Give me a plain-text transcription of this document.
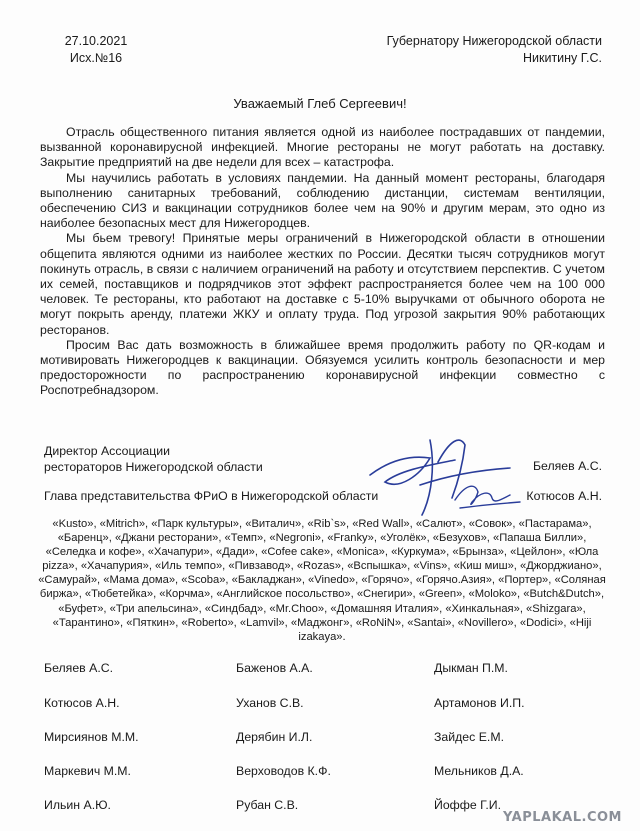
27.10.2021
Исх.№16
Губернатору Нижегородской области
Никитину Г.С.
Уважаемый Глеб Сергеевич!

Отрасль общественного питания является одной из наиболее пострадавших от пандемии, вызванной коронавирусной инфекцией. Многие рестораны не могут работать на доставку. Закрытие предприятий на две недели для всех – катастрофа.

Мы научились работать в условиях пандемии. На данный момент рестораны, благодаря выполнению санитарных требований, соблюдению дистанции, системам вентиляции, обеспечению СИЗ и вакцинации сотрудников более чем на 90% и другим мерам, это одно из наиболее безопасных мест для Нижегородцев.

Мы бьем тревогу! Принятые меры ограничений в Нижегородской области в отношении общепита являются одними из наиболее жестких по России. Десятки тысяч сотрудников могут покинуть отрасль, в связи с наличием ограничений на работу и отсутствием перспектив. С учетом их семей, поставщиков и подрядчиков этот эффект распространяется более чем на 100 000 человек. Те рестораны, кто работают на доставке с 5-10% выручками от обычного оборота не могут покрыть аренду, платежи ЖКУ и оплату труда. Под угрозой закрытия 90% работающих ресторанов.

Просим Вас дать возможность в ближайшее время продолжить работу по QR-кодам и мотивировать Нижегородцев к вакцинации. Обязуемся усилить контроль безопасности и мер предосторожности по распространению коронавирусной инфекции совместно с Роспотребнадзором.

Директор Ассоциации
рестораторов Нижегородской области	Беляев А.С.
Глава представительства ФРиО в Нижегородской области	Котюсов А.Н.
«Kusto», «Mitrich», «Парк культуры», «Виталич», «Rib`s», «Red Wall», «Салют», «Совок», «Пастарама», «Баренц», «Джани ресторани», «Темп», «Negroni», «Franky», «Уголёк», «Безухов», «Папаша Билли», «Селедка и кофе», «Хачапури», «Дади», «Cofee cake», «Monica», «Куркума», «Брынза», «Цейлон», «Юла pizza», «Хачапурия», «Иль темпо», «Пивзавод», «Rozas», «Вспышка», «Vins», «Киш миш», «Джорджиано», «Самурай», «Мама дома», «Scoba», «Бакладжан», «Vinedo», «Горячо», «Горячо.Азия», «Портер», «Соляная биржа», «Тюбетейка», «Корчма», «Английское посольство», «Снегири», «Green», «Moloko», «Butch&Dutch», «Буфет», «Три апельсина», «Синдбад», «Mr.Choo», «Домашняя Италия», «Хинкальная», «Shizgara», «Тарантино», «Пяткин», «Roberto», «Lamvil», «Маджонг», «RoNiN», «Santai», «Novillero», «Dodici», «Hiji izakaya».
Беляев А.С.	Баженов А.А.	Дыкман П.М.
Котюсов А.Н.	Уханов С.В.	Артамонов И.П.
Мирсиянов М.М.	Дерябин И.Л.	Зайдес Е.М.
Маркевич М.М.	Верховодов К.Ф.	Мельников Д.А.
Ильин А.Ю.	Рубан С.В.	Йоффе Г.И.
YAPLAKAL.COM
